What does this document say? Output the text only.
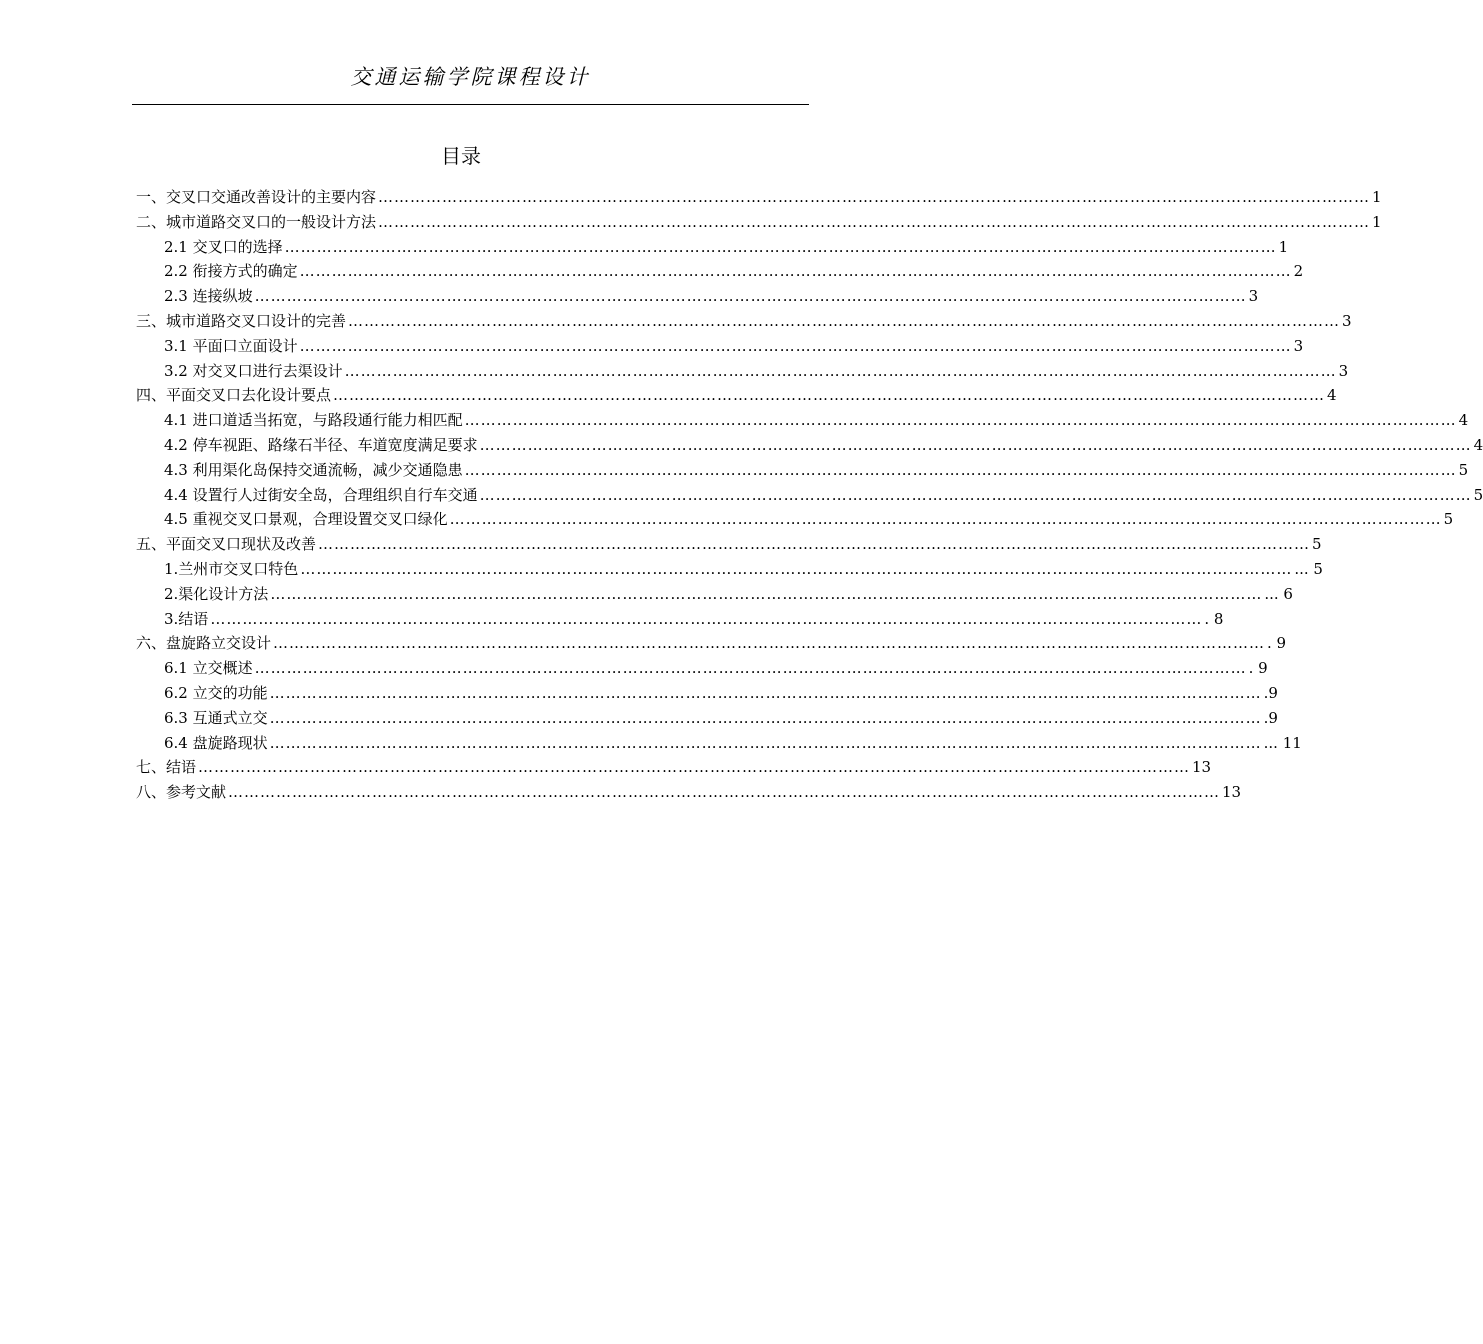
交通运输学院课程设计
目录
一、交叉口交通改善设计的主要内容 …………………………………………………………………………………………………………………………………………………………………… 1
二、城市道路交叉口的一般设计方法 …………………………………………………………………………………………………………………………………………………………………… 1
2.1 交叉口的选择 …………………………………………………………………………………………………………………………………………………………………… 1
2.2 衔接方式的确定 …………………………………………………………………………………………………………………………………………………………………… 2
2.3 连接纵坡 …………………………………………………………………………………………………………………………………………………………………… 3
三、城市道路交叉口设计的完善 …………………………………………………………………………………………………………………………………………………………………… 3
3.1 平面口立面设计 …………………………………………………………………………………………………………………………………………………………………… 3
3.2 对交叉口进行去渠设计 …………………………………………………………………………………………………………………………………………………………………… 3
四、平面交叉口去化设计要点 …………………………………………………………………………………………………………………………………………………………………… 4
4.1 进口道适当拓宽，与路段通行能力相匹配 …………………………………………………………………………………………………………………………………………………………………… 4
4.2 停车视距、路缘石半径、车道宽度满足要求 …………………………………………………………………………………………………………………………………………………………………… 4
4.3 利用渠化岛保持交通流畅，减少交通隐患 …………………………………………………………………………………………………………………………………………………………………… 5
4.4 设置行人过街安全岛，合理组织自行车交通 …………………………………………………………………………………………………………………………………………………………………… 5
4.5 重视交叉口景观，合理设置交叉口绿化 …………………………………………………………………………………………………………………………………………………………………… 5
五、平面交叉口现状及改善 …………………………………………………………………………………………………………………………………………………………………… 5
1.兰州市交叉口特色 …………………………………………………………………………………………………………………………………………………………………… ... 5
2.渠化设计方法 …………………………………………………………………………………………………………………………………………………………………… ... 6
3.结语 …………………………………………………………………………………………………………………………………………………………………… . 8
六、盘旋路立交设计 …………………………………………………………………………………………………………………………………………………………………… . 9
6.1 立交概述 …………………………………………………………………………………………………………………………………………………………………… . 9
6.2 立交的功能 …………………………………………………………………………………………………………………………………………………………………… .9
6.3 互通式立交 …………………………………………………………………………………………………………………………………………………………………… .9
6.4 盘旋路现状 …………………………………………………………………………………………………………………………………………………………………… ... 11
七、结语 …………………………………………………………………………………………………………………………………………………………………… 13
八、参考文献 …………………………………………………………………………………………………………………………………………………………………… 13
